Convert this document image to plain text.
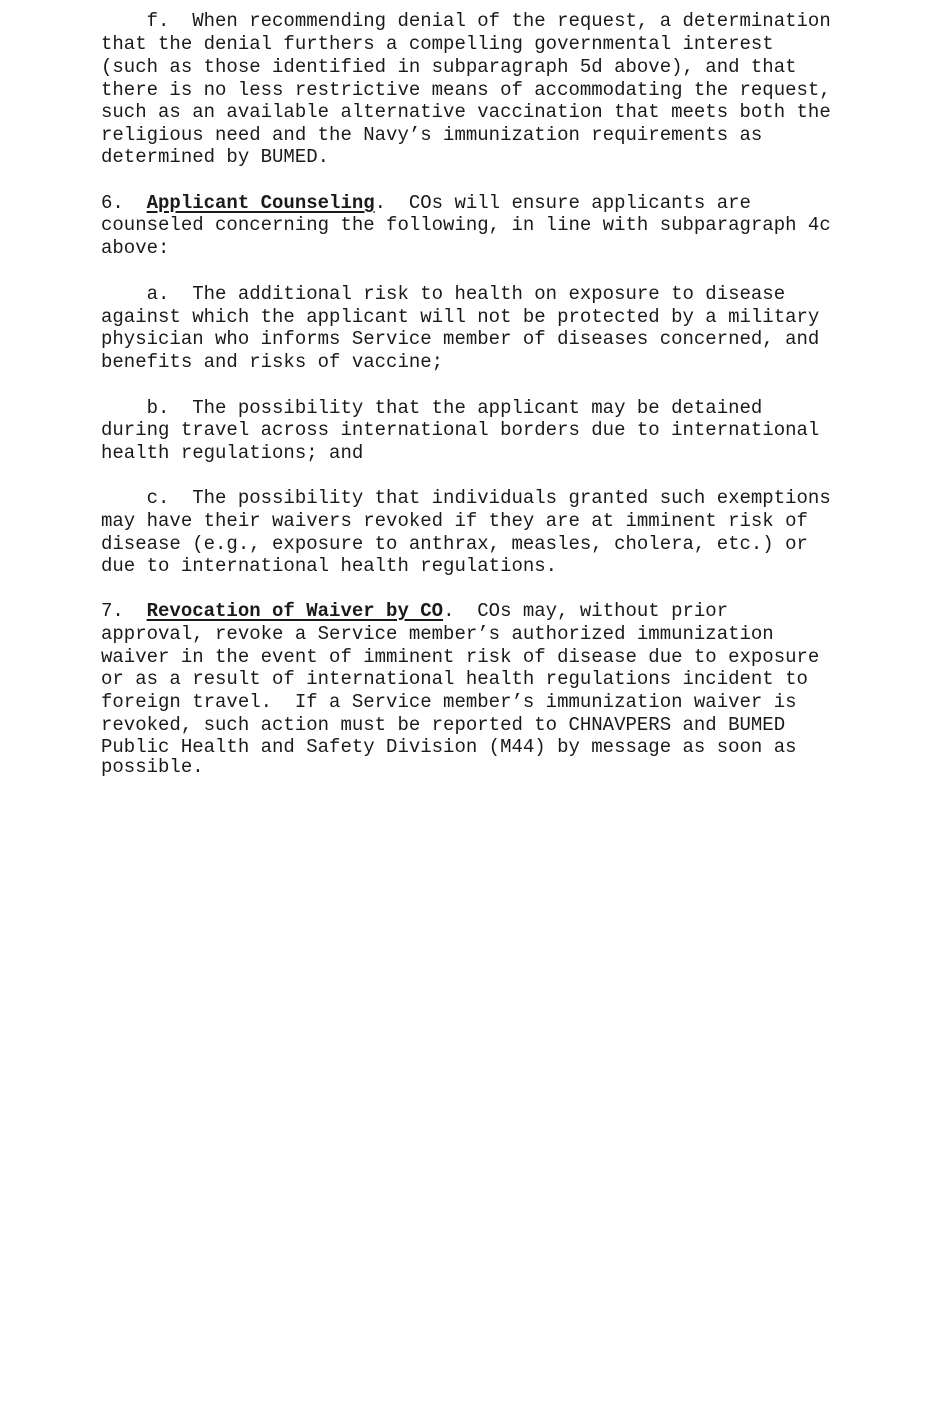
f.  When recommending denial of the request, a determination

that the denial furthers a compelling governmental interest

(such as those identified in subparagraph 5d above), and that

there is no less restrictive means of accommodating the request,

such as an available alternative vaccination that meets both the

religious need and the Navy’s immunization requirements as

determined by BUMED.

6.  Applicant Counseling.  COs will ensure applicants are

counseled concerning the following, in line with subparagraph 4c

above:

a.  The additional risk to health on exposure to disease

against which the applicant will not be protected by a military

physician who informs Service member of diseases concerned, and

benefits and risks of vaccine;

b.  The possibility that the applicant may be detained

during travel across international borders due to international

health regulations; and

c.  The possibility that individuals granted such exemptions

may have their waivers revoked if they are at imminent risk of

disease (e.g., exposure to anthrax, measles, cholera, etc.) or

due to international health regulations.

7.  Revocation of Waiver by CO.  COs may, without prior

approval, revoke a Service member’s authorized immunization

waiver in the event of imminent risk of disease due to exposure

or as a result of international health regulations incident to

foreign travel.  If a Service member’s immunization waiver is

revoked, such action must be reported to CHNAVPERS and BUMED

Public Health and Safety Division (M44) by message as soon as

possible.
